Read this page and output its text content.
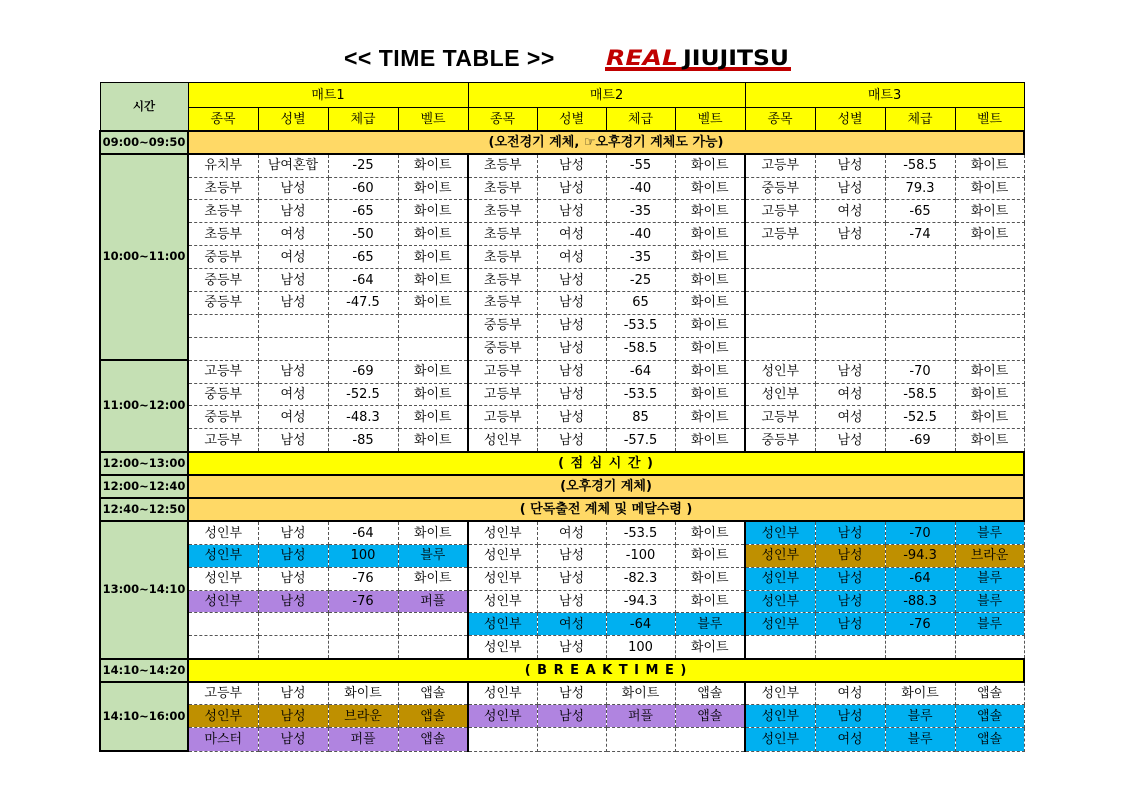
<< TIME TABLE >> REAL JIUJITSU
시간	매트1				매트2				매트3			
	종목	성별	체급	벨트	종목	성별	체급	벨트	종목	성별	체급	벨트
09:00~09:50	(오전경기 계체, ☞오후경기 계체도 가능)											
10:00~11:00	유치부	남여혼합	-25	화이트	초등부	남성	-55	화이트	고등부	남성	-58.5	화이트
	초등부	남성	-60	화이트	초등부	남성	-40	화이트	중등부	남성	79.3	화이트
	초등부	남성	-65	화이트	초등부	남성	-35	화이트	고등부	여성	-65	화이트
	초등부	여성	-50	화이트	초등부	여성	-40	화이트	고등부	남성	-74	화이트
	중등부	여성	-65	화이트	초등부	여성	-35	화이트				
	중등부	남성	-64	화이트	초등부	남성	-25	화이트				
	중등부	남성	-47.5	화이트	초등부	남성	65	화이트				
					중등부	남성	-53.5	화이트				
					중등부	남성	-58.5	화이트				
11:00~12:00	고등부	남성	-69	화이트	고등부	남성	-64	화이트	성인부	남성	-70	화이트
	중등부	여성	-52.5	화이트	고등부	남성	-53.5	화이트	성인부	여성	-58.5	화이트
	중등부	여성	-48.3	화이트	고등부	남성	85	화이트	고등부	여성	-52.5	화이트
	고등부	남성	-85	화이트	성인부	남성	-57.5	화이트	중등부	남성	-69	화이트
12:00~13:00	( 점 심 시 간 )											
12:00~12:40	(오후경기 계체)											
12:40~12:50	( 단독출전 계체 및 메달수령 )											
13:00~14:10	성인부	남성	-64	화이트	성인부	여성	-53.5	화이트	성인부	남성	-70	블루
	성인부	남성	100	블루	성인부	남성	-100	화이트	성인부	남성	-94.3	브라운
	성인부	남성	-76	화이트	성인부	남성	-82.3	화이트	성인부	남성	-64	블루
	성인부	남성	-76	퍼플	성인부	남성	-94.3	화이트	성인부	남성	-88.3	블루
					성인부	여성	-64	블루	성인부	남성	-76	블루
					성인부	남성	100	화이트				
14:10~14:20	( B R E A K T I M E )											
14:10~16:00	고등부	남성	화이트	앱솔	성인부	남성	화이트	앱솔	성인부	여성	화이트	앱솔
	성인부	남성	브라운	앱솔	성인부	남성	퍼플	앱솔	성인부	남성	블루	앱솔
	마스터	남성	퍼플	앱솔					성인부	여성	블루	앱솔
